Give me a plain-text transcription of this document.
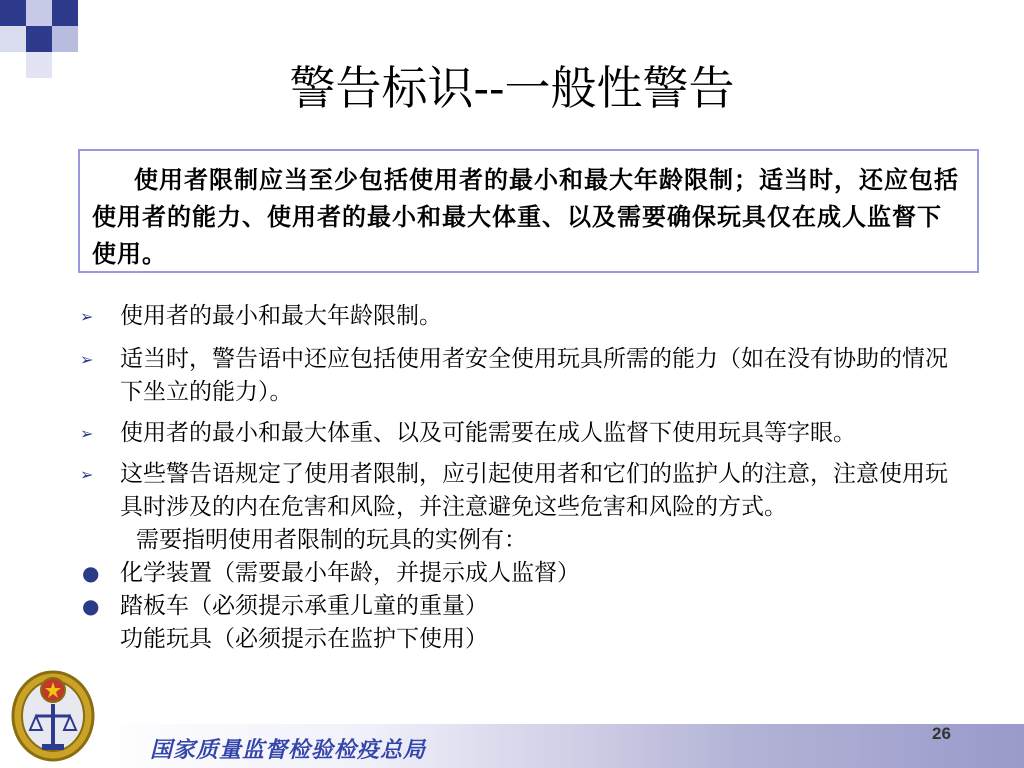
警告标识--一般性警告
使用者限制应当至少包括使用者的最小和最大年龄限制；适当时，还应包括使用者的能力、使用者的最小和最大体重、以及需要确保玩具仅在成人监督下使用。
➢ 使用者的最小和最大年龄限制。
➢ 适当时，警告语中还应包括使用者安全使用玩具所需的能力（如在没有协助的情况下坐立的能力）。
➢ 使用者的最小和最大体重、以及可能需要在成人监督下使用玩具等字眼。
➢ 这些警告语规定了使用者限制，应引起使用者和它们的监护人的注意，注意使用玩具时涉及的内在危害和风险，并注意避免这些危害和风险的方式。
需要指明使用者限制的玩具的实例有：
● 化学装置（需要最小年龄，并提示成人监督）
● 踏板车（必须提示承重儿童的重量）
功能玩具（必须提示在监护下使用）
国家质量监督检验检疫总局
26
